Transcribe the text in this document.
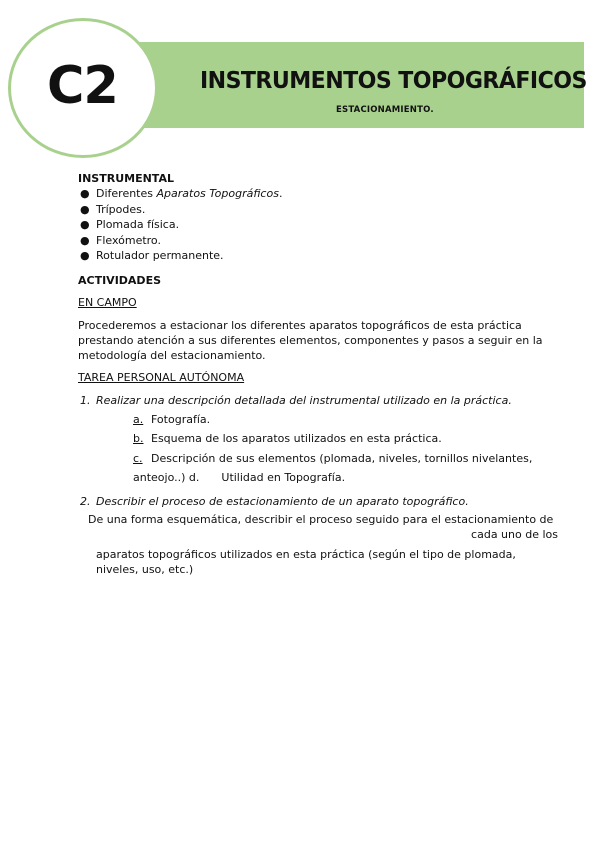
C2	INSTRUMENTOS TOPOGRÁFICOS
ESTACIONAMIENTO.
INSTRUMENTAL
● Diferentes Aparatos Topográficos.
● Trípodes.
● Plomada física.
● Flexómetro.
● Rotulador permanente.
ACTIVIDADES
EN CAMPO

Procederemos a estacionar los diferentes aparatos topográficos de esta práctica prestando atención a sus diferentes elementos, componentes y pasos a seguir en la metodología del estacionamiento.

TAREA PERSONAL AUTÓNOMA
1. Realizar una descripción detallada del instrumental utilizado en la práctica.
a. Fotografía.
b. Esquema de los aparatos utilizados en esta práctica.
c. Descripción de sus elementos (plomada, niveles, tornillos nivelantes,
anteojo..) d. Utilidad en Topografía.
2. Describir el proceso de estacionamiento de un aparato topográfico.
De una forma esquemática, describir el proceso seguido para el estacionamiento de
cada uno de los
aparatos topográficos utilizados en esta práctica (según el tipo de plomada,
niveles, uso, etc.)
